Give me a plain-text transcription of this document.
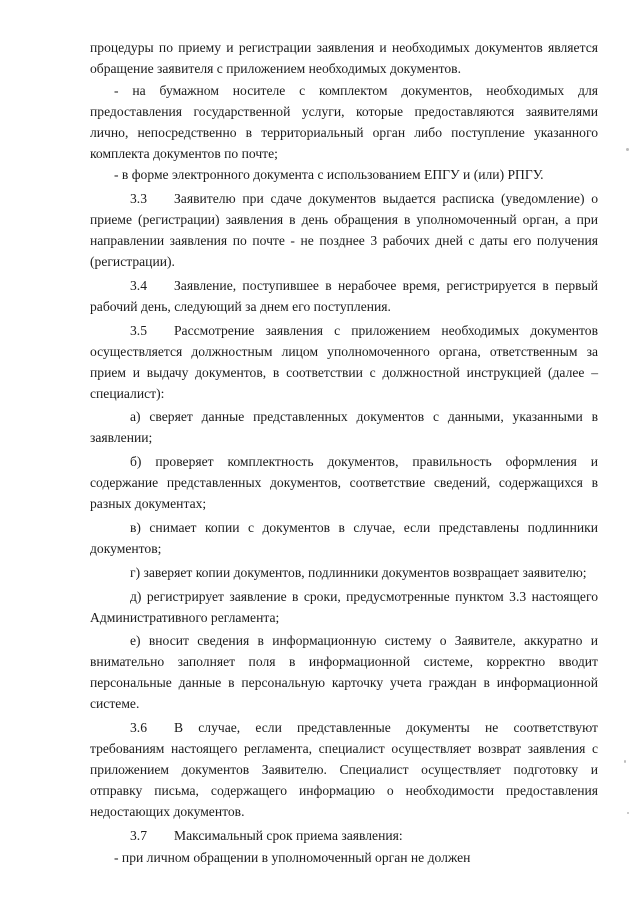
процедуры по приему и регистрации заявления и необходимых документов является обращение заявителя с приложением необходимых документов.

- на бумажном носителе с комплектом документов, необходимых для предоставления государственной услуги, которые предоставляются заявителями лично, непосредственно в территориальный орган либо поступление указанного комплекта документов по почте;

- в форме электронного документа с использованием ЕПГУ и (или) РПГУ.

3.3 Заявителю при сдаче документов выдается расписка (уведомление) о приеме (регистрации) заявления в день обращения в уполномоченный орган, а при направлении заявления по почте - не позднее 3 рабочих дней с даты его получения (регистрации).

3.4 Заявление, поступившее в нерабочее время, регистрируется в первый рабочий день, следующий за днем его поступления.

3.5 Рассмотрение заявления с приложением необходимых документов осуществляется должностным лицом уполномоченного органа, ответственным за прием и выдачу документов, в соответствии с должностной инструкцией (далее – специалист):

а) сверяет данные представленных документов с данными, указанными в заявлении;

б) проверяет комплектность документов, правильность оформления и содержание представленных документов, соответствие сведений, содержащихся в разных документах;

в) снимает копии с документов в случае, если представлены подлинники документов;

г) заверяет копии документов, подлинники документов возвращает заявителю;

д) регистрирует заявление в сроки, предусмотренные пунктом 3.3 настоящего Административного регламента;

е) вносит сведения в информационную систему о Заявителе, аккуратно и внимательно заполняет поля в информационной системе, корректно вводит персональные данные в персональную карточку учета граждан в информационной системе.

3.6 В случае, если представленные документы не соответствуют требованиям настоящего регламента, специалист осуществляет возврат заявления с приложением документов Заявителю. Специалист осуществляет подготовку и отправку письма, содержащего информацию о необходимости предоставления недостающих документов.

3.7 Максимальный срок приема заявления:

- при личном обращении в уполномоченный орган не должен
